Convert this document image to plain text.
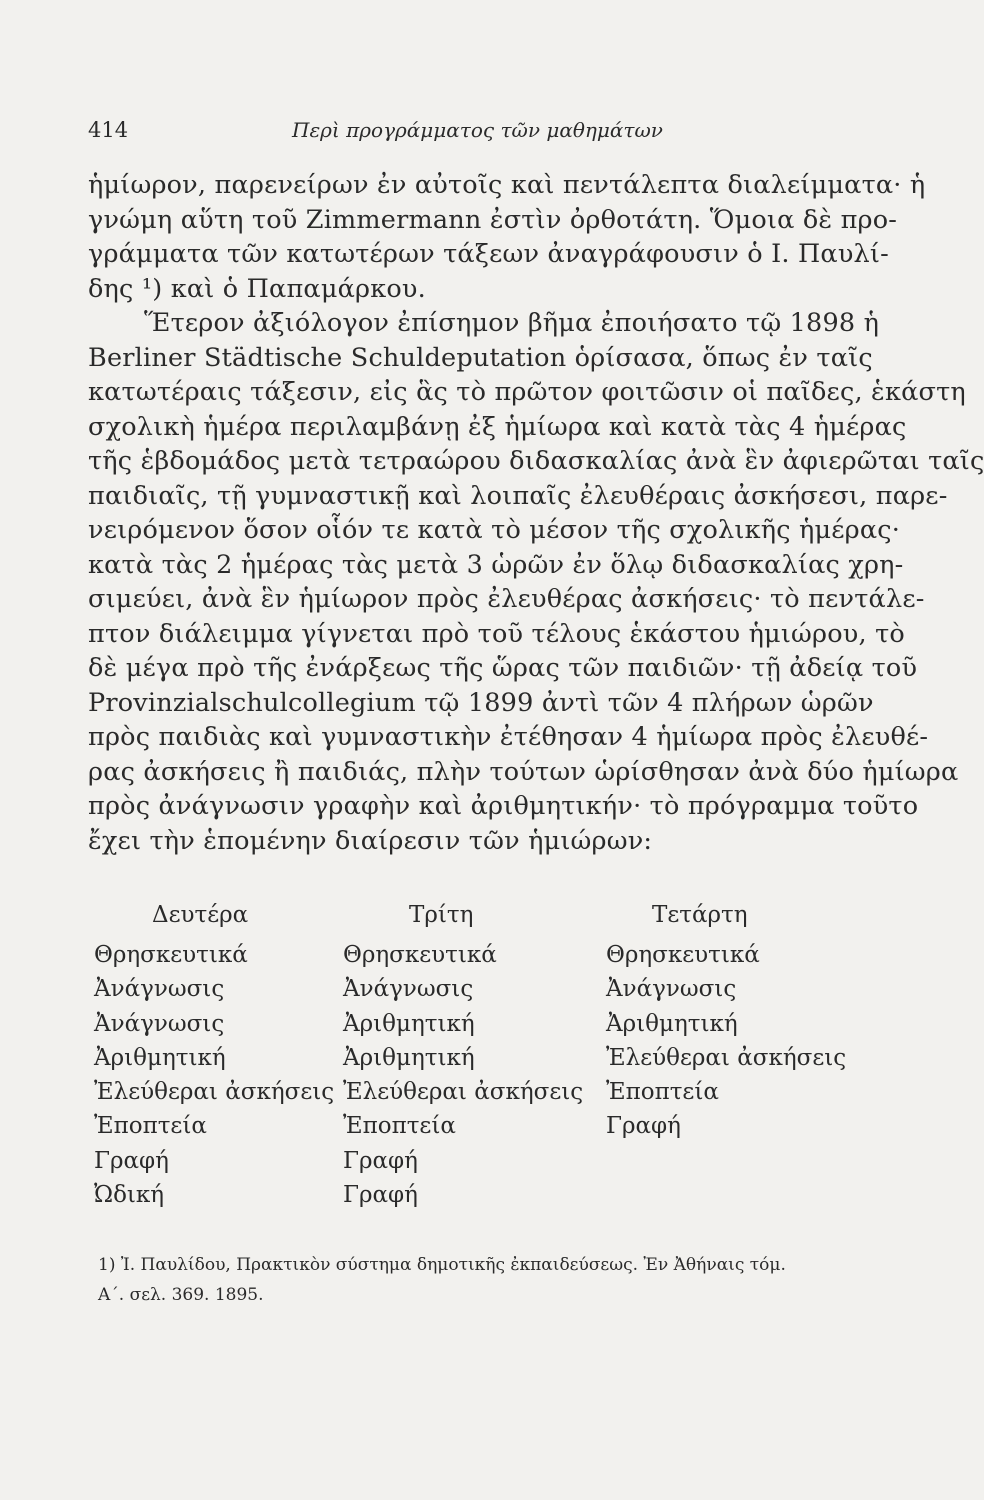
414	Περὶ προγράμματος τῶν μαθημάτων
ἡμίωρον, παρενείρων ἐν αὐτοῖς καὶ πεντάλεπτα διαλείμματα· ἡ
γνώμη αὕτη τοῦ Zimmermann ἐστὶν ὀρθοτάτη. Ὅμοια δὲ προ-
γράμματα τῶν κατωτέρων τάξεων ἀναγράφουσιν ὁ Ι. Παυλί-
δης ¹) καὶ ὁ Παπαμάρκου.
Ἕτερον ἀξιόλογον ἐπίσημον βῆμα ἐποιήσατο τῷ 1898 ἡ
Berliner Städtische Schuldeputation ὁρίσασα, ὅπως ἐν ταῖς
κατωτέραις τάξεσιν, εἰς ἃς τὸ πρῶτον φοιτῶσιν οἱ παῖδες, ἑκάστη
σχολικὴ ἡμέρα περιλαμβάνῃ ἐξ ἡμίωρα καὶ κατὰ τὰς 4 ἡμέρας
τῆς ἑβδομάδος μετὰ τετραώρου διδασκαλίας ἀνὰ ἓν ἀφιερῶται ταῖς
παιδιαῖς, τῇ γυμναστικῇ καὶ λοιπαῖς ἐλευθέραις ἀσκήσεσι, παρε-
νειρόμενον ὅσον οἷόν τε κατὰ τὸ μέσον τῆς σχολικῆς ἡμέρας·
κατὰ τὰς 2 ἡμέρας τὰς μετὰ 3 ὡρῶν ἐν ὅλῳ διδασκαλίας χρη-
σιμεύει, ἀνὰ ἓν ἡμίωρον πρὸς ἐλευθέρας ἀσκήσεις· τὸ πεντάλε-
πτον διάλειμμα γίγνεται πρὸ τοῦ τέλους ἑκάστου ἡμιώρου, τὸ
δὲ μέγα πρὸ τῆς ἐνάρξεως τῆς ὥρας τῶν παιδιῶν· τῇ ἀδείᾳ τοῦ
Provinzialschulcollegium τῷ 1899 ἀντὶ τῶν 4 πλήρων ὡρῶν
πρὸς παιδιὰς καὶ γυμναστικὴν ἐτέθησαν 4 ἡμίωρα πρὸς ἐλευθέ-
ρας ἀσκήσεις ἢ παιδιάς, πλὴν τούτων ὡρίσθησαν ἀνὰ δύο ἡμίωρα
πρὸς ἀνάγνωσιν γραφὴν καὶ ἀριθμητικήν· τὸ πρόγραμμα τοῦτο
ἔχει τὴν ἑπομένην διαίρεσιν τῶν ἡμιώρων:
Δευτέρα
Θρησκευτικά
Ἀνάγνωσις
Ἀνάγνωσις
Ἀριθμητική
Ἐλεύθεραι ἀσκήσεις
Ἐποπτεία
Γραφή
Ὠδική
Τρίτη
Θρησκευτικά
Ἀνάγνωσις
Ἀριθμητική
Ἀριθμητική
Ἐλεύθεραι ἀσκήσεις
Ἐποπτεία
Γραφή
Γραφή
Τετάρτη
Θρησκευτικά
Ἀνάγνωσις
Ἀριθμητική
Ἐλεύθεραι ἀσκήσεις
Ἐποπτεία
Γραφή
1) Ἰ. Παυλίδου, Πρακτικὸν σύστημα δημοτικῆς ἐκπαιδεύσεως. Ἐν Ἀθήναις τόμ.
Α΄. σελ. 369. 1895.
